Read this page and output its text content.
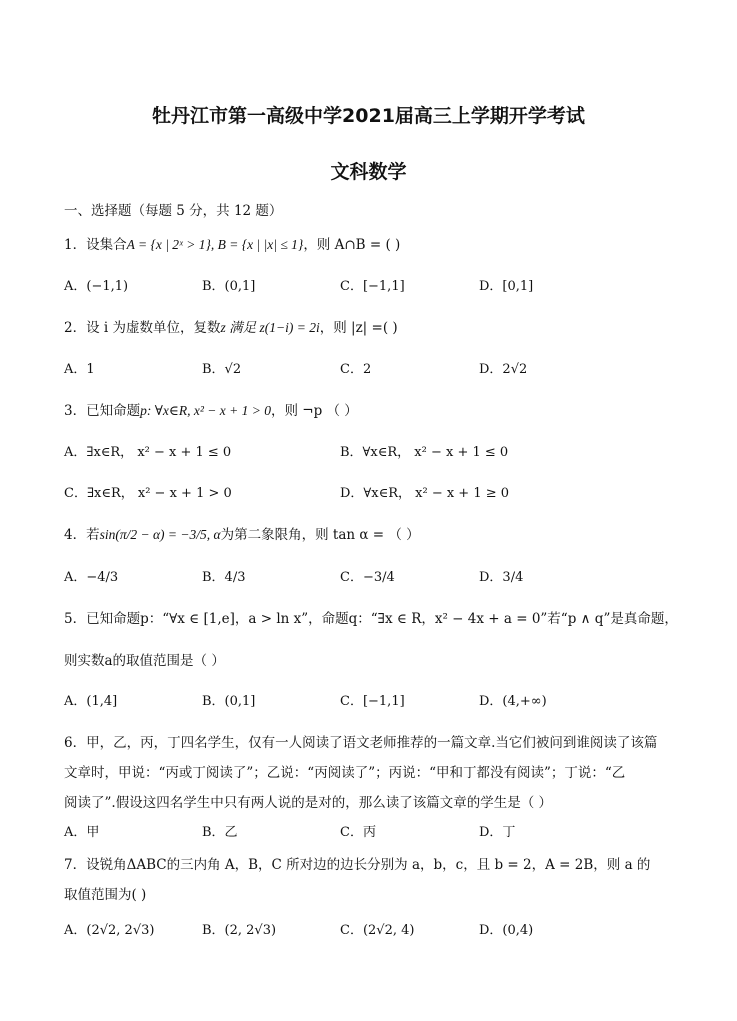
牡丹江市第一高级中学2021届高三上学期开学考试
文科数学
一、选择题（每题 5 分，共 12 题）
1．设集合A = {x | 2ˣ > 1}, B = {x | |x| ≤ 1}，则 A∩B = ( )
A．(−1,1)	B．(0,1]	C．[−1,1]	D．[0,1]
2．设 i 为虚数单位，复数z 满足 z(1−i) = 2i，则 |z| =( )
A．1	B．√2	C．2	D．2√2
3．已知命题p: ∀x∈R, x² − x + 1 > 0，则 ¬p （ ）
A．∃x∈R， x² − x + 1 ≤ 0	B．∀x∈R， x² − x + 1 ≤ 0
C．∃x∈R， x² − x + 1 > 0	D．∀x∈R， x² − x + 1 ≥ 0
4．若sin(π/2 − α) = −3/5, α为第二象限角，则 tan α = （ ）
A．−4/3	B．4/3	C．−3/4	D．3/4
5．已知命题p：“∀x ∈ [1,e]，a > ln x”，命题q：“∃x ∈ R，x² − 4x + a = 0”若“p ∧ q”是真命题，
则实数a的取值范围是（ ）
A．(1,4]	B．(0,1]	C．[−1,1]	D．(4,+∞)
6．甲，乙，丙，丁四名学生，仅有一人阅读了语文老师推荐的一篇文章.当它们被问到谁阅读了该篇
文章时，甲说：“丙或丁阅读了”；乙说：“丙阅读了”；丙说：“甲和丁都没有阅读”；丁说：“乙
阅读了”.假设这四名学生中只有两人说的是对的，那么读了该篇文章的学生是（ ）
A．甲	B．乙	C．丙	D．丁
7．设锐角ΔABC的三内角 A，B，C 所对边的边长分别为 a，b，c，且 b = 2，A = 2B，则 a 的
取值范围为( )
A．(2√2, 2√3)	B．(2, 2√3)	C．(2√2, 4)	D．(0,4)
